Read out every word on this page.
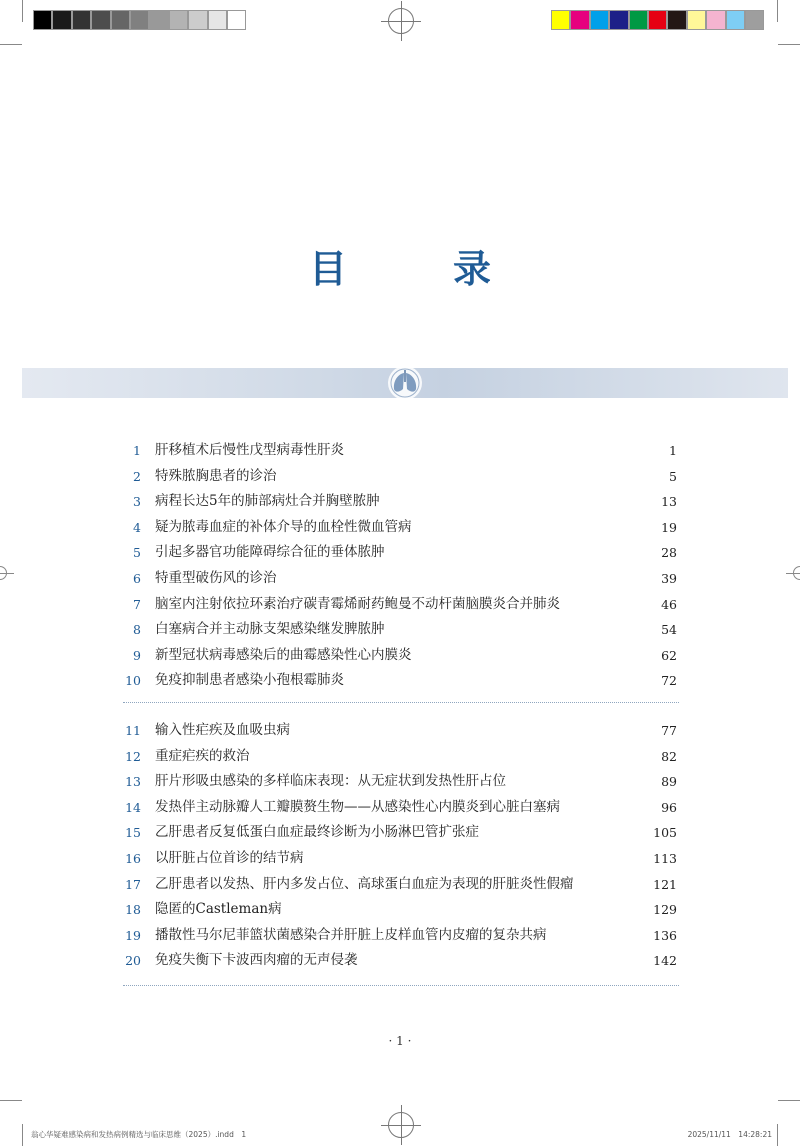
目　录
1 肝移植术后慢性戊型病毒性肝炎	1
2 特殊脓胸患者的诊治	5
3 病程长达5年的肺部病灶合并胸壁脓肿	13
4 疑为脓毒血症的补体介导的血栓性微血管病	19
5 引起多器官功能障碍综合征的垂体脓肿	28
6 特重型破伤风的诊治	39
7 脑室内注射依拉环素治疗碳青霉烯耐药鲍曼不动杆菌脑膜炎合并肺炎	46
8 白塞病合并主动脉支架感染继发脾脓肿	54
9 新型冠状病毒感染后的曲霉感染性心内膜炎	62
10 免疫抑制患者感染小孢根霉肺炎	72
11 输入性疟疾及血吸虫病	77
12 重症疟疾的救治	82
13 肝片形吸虫感染的多样临床表现：从无症状到发热性肝占位	89
14 发热伴主动脉瓣人工瓣膜赘生物——从感染性心内膜炎到心脏白塞病	96
15 乙肝患者反复低蛋白血症最终诊断为小肠淋巴管扩张症	105
16 以肝脏占位首诊的结节病	113
17 乙肝患者以发热、肝内多发占位、高球蛋白血症为表现的肝脏炎性假瘤	121
18 隐匿的Castleman病	129
19 播散性马尔尼菲篮状菌感染合并肝脏上皮样血管内皮瘤的复杂共病	136
20 免疫失衡下卡波西肉瘤的无声侵袭	142
· 1 ·
翁心华疑难感染病和发热病例精选与临床思维（2025）.indd　1	2025/11/11　14:28:21
